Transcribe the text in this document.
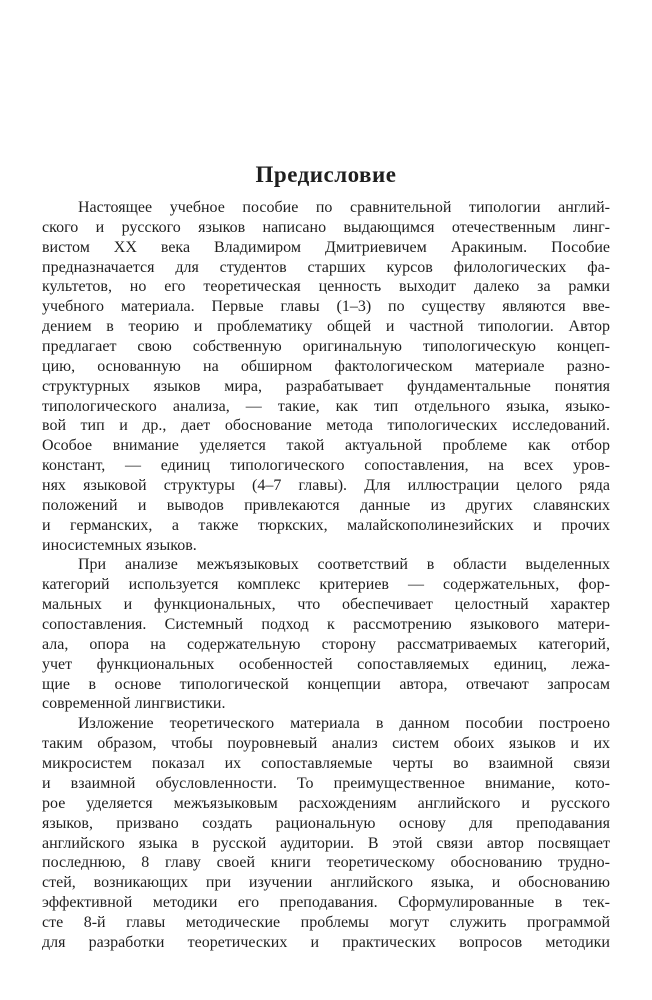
Предисловие
Настоящее учебное пособие по сравнительной типологии англий-
ского и русского языков написано выдающимся отечественным линг-
вистом XX века Владимиром Дмитриевичем Аракиным. Пособие
предназначается для студентов старших курсов филологических фа-
культетов, но его теоретическая ценность выходит далеко за рамки
учебного материала. Первые главы (1–3) по существу являются вве-
дением в теорию и проблематику общей и частной типологии. Автор
предлагает свою собственную оригинальную типологическую концеп-
цию, основанную на обширном фактологическом материале разно-
структурных языков мира, разрабатывает фундаментальные понятия
типологического анализа, — такие, как тип отдельного языка, языко-
вой тип и др., дает обоснование метода типологических исследований.
Особое внимание уделяется такой актуальной проблеме как отбор
констант, — единиц типологического сопоставления, на всех уров-
нях языковой структуры (4–7 главы). Для иллюстрации целого ряда
положений и выводов привлекаются данные из других славянских
и германских, а также тюркских, малайскополинезийских и прочих
иносистемных языков.
При анализе межъязыковых соответствий в области выделенных
категорий используется комплекс критериев — содержательных, фор-
мальных и функциональных, что обеспечивает целостный характер
сопоставления. Системный подход к рассмотрению языкового матери-
ала, опора на содержательную сторону рассматриваемых категорий,
учет функциональных особенностей сопоставляемых единиц, лежа-
щие в основе типологической концепции автора, отвечают запросам
современной лингвистики.
Изложение теоретического материала в данном пособии построено
таким образом, чтобы поуровневый анализ систем обоих языков и их
микросистем показал их сопоставляемые черты во взаимной связи
и взаимной обусловленности. То преимущественное внимание, кото-
рое уделяется межъязыковым расхождениям английского и русского
языков, призвано создать рациональную основу для преподавания
английского языка в русской аудитории. В этой связи автор посвящает
последнюю, 8 главу своей книги теоретическому обоснованию трудно-
стей, возникающих при изучении английского языка, и обоснованию
эффективной методики его преподавания. Сформулированные в тек-
сте 8-й главы методические проблемы могут служить программой
для разработки теоретических и практических вопросов методики
